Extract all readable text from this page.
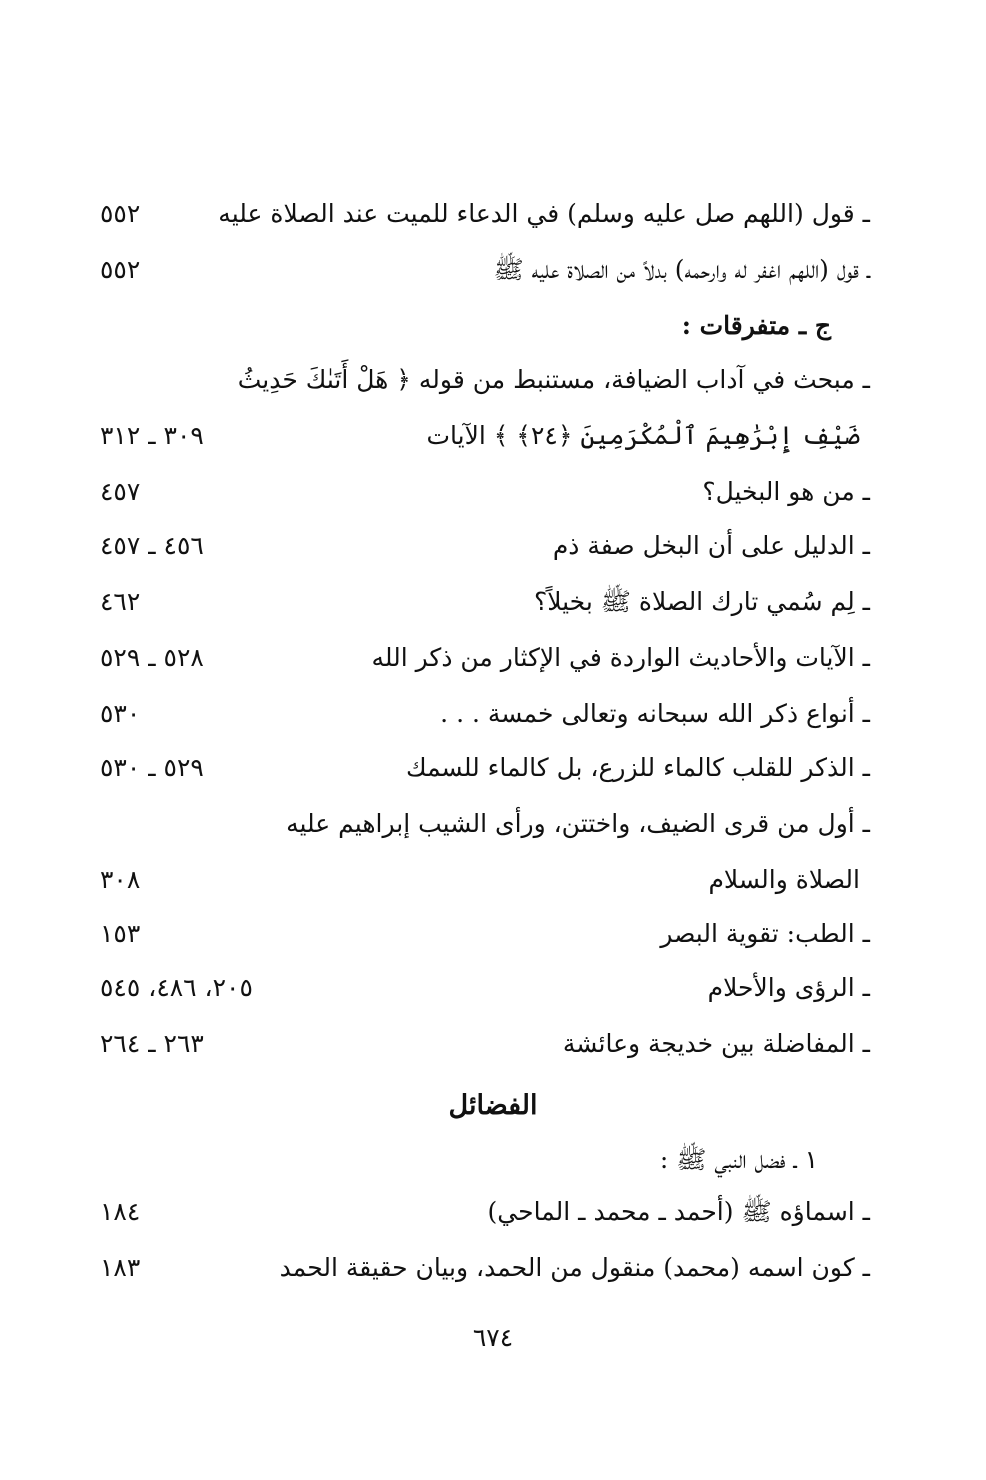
ـ قول (اللهم صل عليه وسلم) في الدعاء للميت عند الصلاة عليه
٥٥٢
ـ قول (اللهم اغفر له وارحمه) بدلاً من الصلاة عليه ﷺ
٥٥٢
ج ـ متفرقات :
ـ مبحث في آداب الضيافة، مستنبط من قوله ﴿ هَلْ أَتَىٰكَ حَدِيثُ
ضَيْفِ إِبْرَٰهِيمَ ٱلْمُكْرَمِينَ ﴿٢٤﴾ ﴾ الآيات
٣٠٩ ـ ٣١٢
ـ من هو البخيل؟
٤٥٧
ـ الدليل على أن البخل صفة ذم
٤٥٦ ـ ٤٥٧
ـ لِم سُمي تارك الصلاة ﷺ بخيلاً؟
٤٦٢
ـ الآيات والأحاديث الواردة في الإكثار من ذكر الله
٥٢٨ ـ ٥٢٩
ـ أنواع ذكر الله سبحانه وتعالى خمسة . . .
٥٣٠
ـ الذكر للقلب كالماء للزرع، بل كالماء للسمك
٥٢٩ ـ ٥٣٠
ـ أول من قرى الضيف، واختتن، ورأى الشيب إبراهيم عليه
الصلاة والسلام
٣٠٨
ـ الطب: تقوية البصر
١٥٣
ـ الرؤى والأحلام
٢٠٥، ٤٨٦، ٥٤٥
ـ المفاضلة بين خديجة وعائشة
٢٦٣ ـ ٢٦٤
الفضائل
١ ـ فضل النبي ﷺ :
ـ اسماؤه ﷺ (أحمد ـ محمد ـ الماحي)
١٨٤
ـ كون اسمه (محمد) منقول من الحمد، وبيان حقيقة الحمد
١٨٣
٦٧٤
